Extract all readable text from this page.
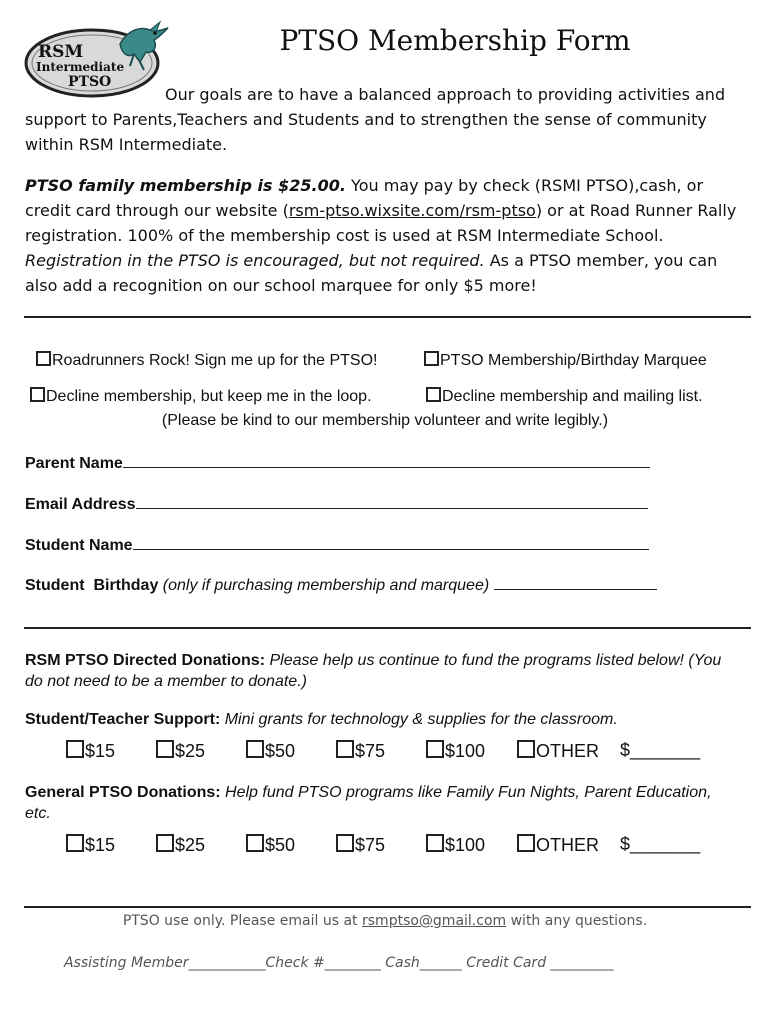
RSM
Intermediate
PTSO
PTSO Membership Form
Our goals are to have a balanced approach to providing activities and support to Parents,Teachers and Students and to strengthen the sense of community within RSM Intermediate.
PTSO family membership is $25.00. You may pay by check (RSMI PTSO),cash, or credit card through our website (rsm-ptso.wixsite.com/rsm-ptso) or at Road Runner Rally registration. 100% of the membership cost is used at RSM Intermediate School. Registration in the PTSO is encouraged, but not required. As a PTSO member, you can also add a recognition on our school marquee for only $5 more!
Roadrunners Rock! Sign me up for the PTSO!	PTSO Membership/Birthday Marquee
Decline membership, but keep me in the loop.	Decline membership and mailing list.
(Please be kind to our membership volunteer and write legibly.)
Parent Name
Email Address
Student Name
Student  Birthday (only if purchasing membership and marquee)
RSM PTSO Directed Donations: Please help us continue to fund the programs listed below! (You do not need to be a member to donate.)
Student/Teacher Support: Mini grants for technology & supplies for the classroom.
$15	$25	$50	$75	$100	OTHER $_______
General PTSO Donations: Help fund PTSO programs like Family Fun Nights, Parent Education, etc.
$15	$25	$50	$75	$100	OTHER $_______
PTSO use only. Please email us at rsmptso@gmail.com with any questions.
Assisting Member___________Check #________ Cash______ Credit Card _________
